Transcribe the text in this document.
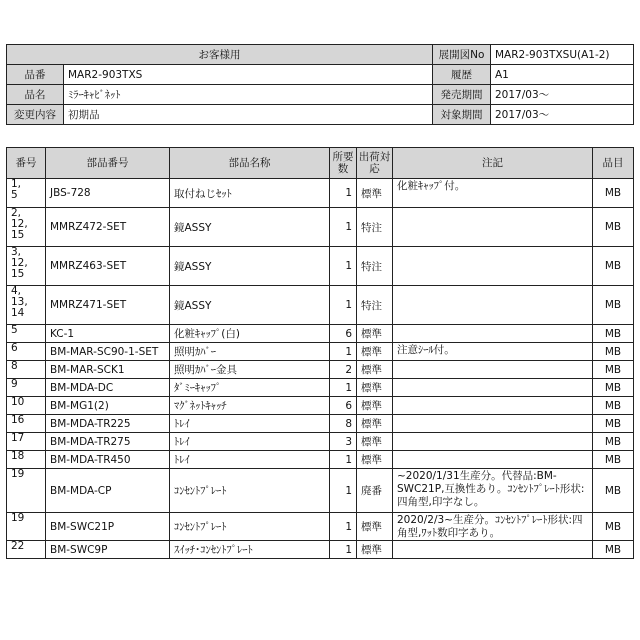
お客様用		展開図No	MAR2-903TXSU(A1-2)
品番	MAR2-903TXS	履歴	A1
品名	ﾐﾗｰｷｬﾋﾞﾈｯﾄ	発売期間	2017/03～
変更内容	初期品	対象期間	2017/03～
番号	部品番号	部品名称	所要数	出荷対応	注記	品目
1,
5	JBS-728	取付ねじｾｯﾄ	1	標準	化粧ｷｬｯﾌﾟ付。	MB
2,
12,
15	MMRZ472-SET	鏡ASSY	1	特注		MB
3,
12,
15	MMRZ463-SET	鏡ASSY	1	特注		MB
4,
13,
14	MMRZ471-SET	鏡ASSY	1	特注		MB
5	KC-1	化粧ｷｬｯﾌﾟ(白)	6	標準		MB
6	BM-MAR-SC90-1-SET	照明ｶﾊﾞｰ	1	標準	注意ｼｰﾙ付。	MB
8	BM-MAR-SCK1	照明ｶﾊﾞｰ金具	2	標準		MB
9	BM-MDA-DC	ﾀﾞﾐｰｷｬｯﾌﾟ	1	標準		MB
10	BM-MG1(2)	ﾏｸﾞﾈｯﾄｷｬｯﾁ	6	標準		MB
16	BM-MDA-TR225	ﾄﾚｲ	8	標準		MB
17	BM-MDA-TR275	ﾄﾚｲ	3	標準		MB
18	BM-MDA-TR450	ﾄﾚｲ	1	標準		MB
19	BM-MDA-CP	ｺﾝｾﾝﾄﾌﾟﾚｰﾄ	1	廃番	~2020/1/31生産分。代替品:BM-SWC21P,互換性あり。ｺﾝｾﾝﾄﾌﾟﾚｰﾄ形状:四角型,印字なし。	MB
19	BM-SWC21P	ｺﾝｾﾝﾄﾌﾟﾚｰﾄ	1	標準	2020/2/3~生産分。ｺﾝｾﾝﾄﾌﾟﾚｰﾄ形状:四角型,ﾜｯﾄ数印字あり。	MB
22	BM-SWC9P	ｽｲｯﾁ･ｺﾝｾﾝﾄﾌﾟﾚｰﾄ	1	標準		MB
